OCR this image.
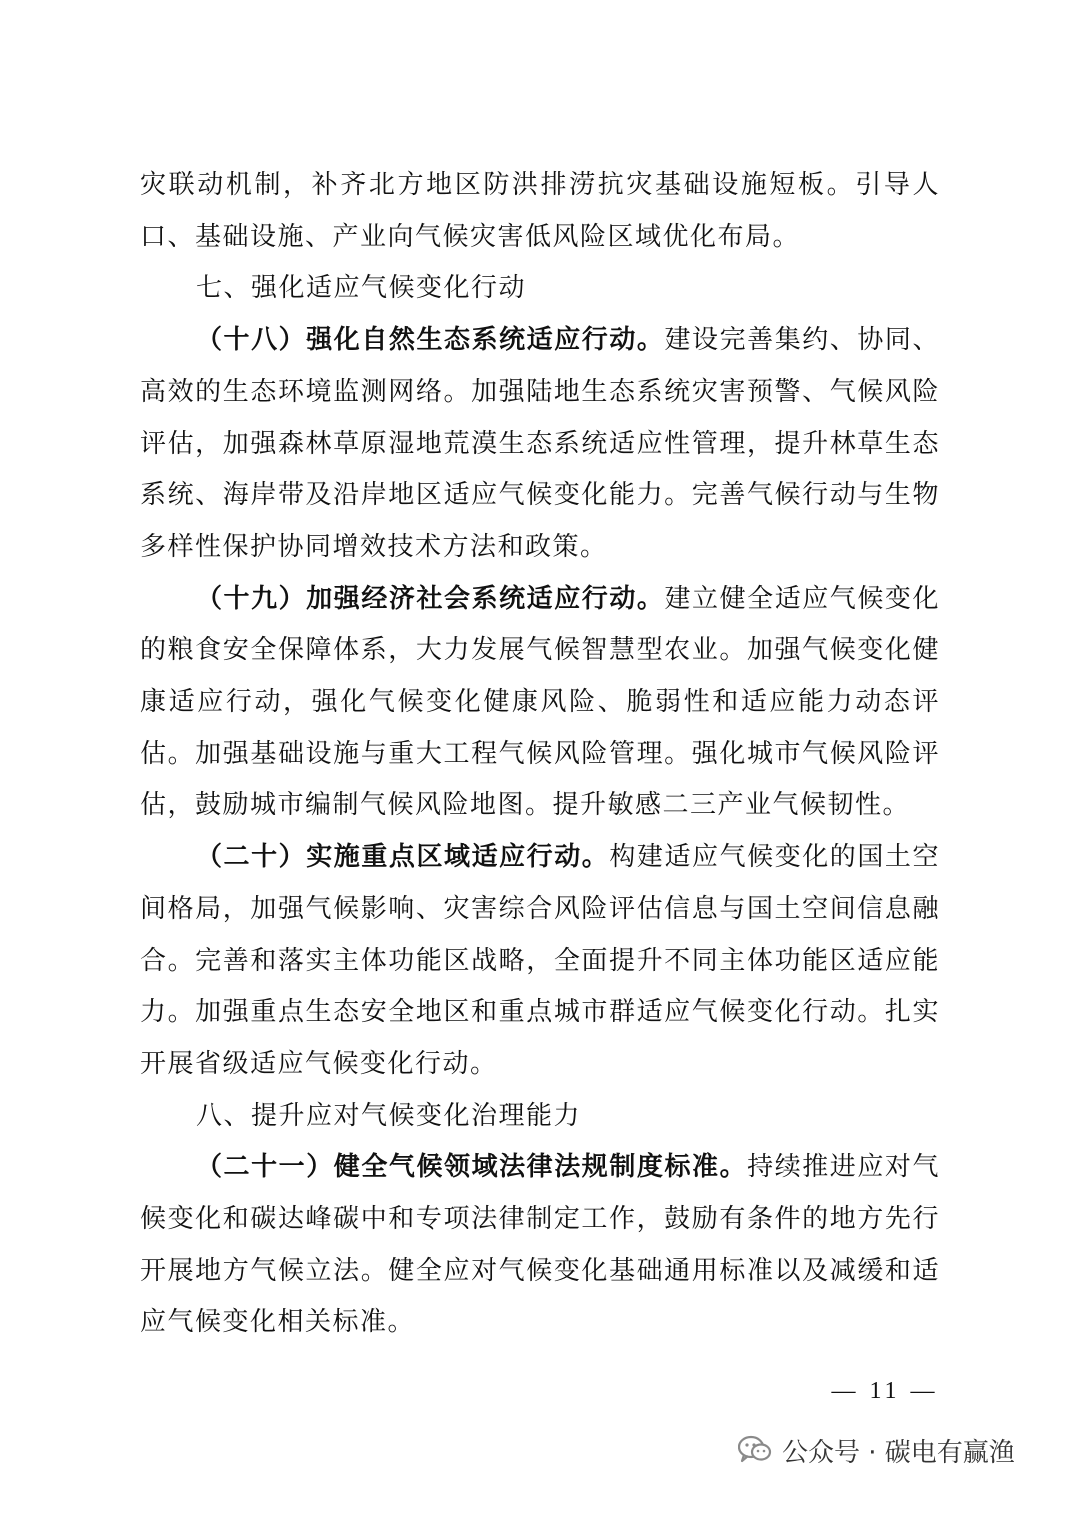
灾联动机制，补齐北方地区防洪排涝抗灾基础设施短板。引导人口、基础设施、产业向气候灾害低风险区域优化布局。

七、强化适应气候变化行动

（十八）强化自然生态系统适应行动。建设完善集约、协同、高效的生态环境监测网络。加强陆地生态系统灾害预警、气候风险评估，加强森林草原湿地荒漠生态系统适应性管理，提升林草生态系统、海岸带及沿岸地区适应气候变化能力。完善气候行动与生物多样性保护协同增效技术方法和政策。

（十九）加强经济社会系统适应行动。建立健全适应气候变化的粮食安全保障体系，大力发展气候智慧型农业。加强气候变化健康适应行动，强化气候变化健康风险、脆弱性和适应能力动态评估。加强基础设施与重大工程气候风险管理。强化城市气候风险评估，鼓励城市编制气候风险地图。提升敏感二三产业气候韧性。

（二十）实施重点区域适应行动。构建适应气候变化的国土空间格局，加强气候影响、灾害综合风险评估信息与国土空间信息融合。完善和落实主体功能区战略，全面提升不同主体功能区适应能力。加强重点生态安全地区和重点城市群适应气候变化行动。扎实开展省级适应气候变化行动。

八、提升应对气候变化治理能力

（二十一）健全气候领域法律法规制度标准。持续推进应对气候变化和碳达峰碳中和专项法律制定工作，鼓励有条件的地方先行开展地方气候立法。健全应对气候变化基础通用标准以及减缓和适应气候变化相关标准。

— 11 —
公众号 · 碳电有赢渔
